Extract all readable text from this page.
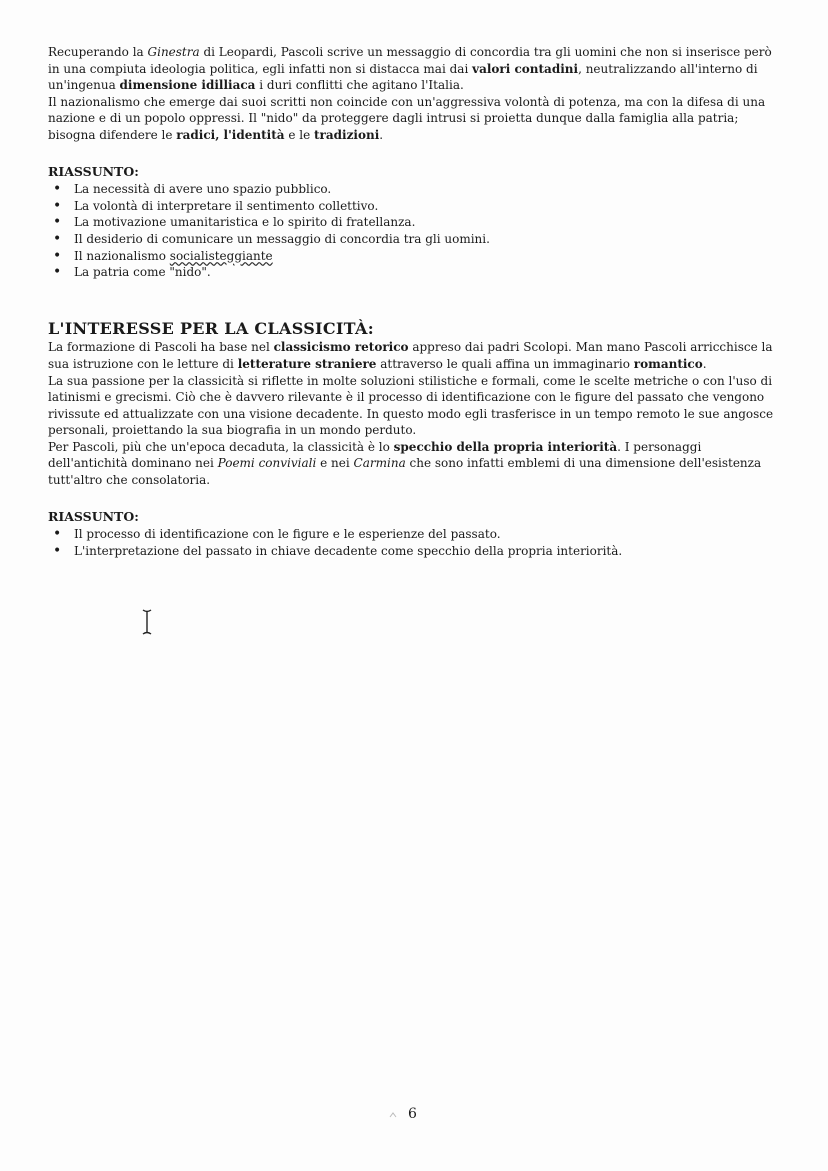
Recuperando la Ginestra di Leopardi, Pascoli scrive un messaggio di concordia tra gli uomini che non si inserisce però in una compiuta ideologia politica, egli infatti non si distacca mai dai valori contadini, neutralizzando all'interno di un'ingenua dimensione idilliaca i duri conflitti che agitano l'Italia.

Il nazionalismo che emerge dai suoi scritti non coincide con un'aggressiva volontà di potenza, ma con la difesa di una nazione e di un popolo oppressi. Il "nido" da proteggere dagli intrusi si proietta dunque dalla famiglia alla patria; bisogna difendere le radici, l'identità e le tradizioni.

RIASSUNTO:
• La necessità di avere uno spazio pubblico.
• La volontà di interpretare il sentimento collettivo.
• La motivazione umanitaristica e lo spirito di fratellanza.
• Il desiderio di comunicare un messaggio di concordia tra gli uomini.
• Il nazionalismo socialisteggiante
• La patria come "nido".
L'INTERESSE PER LA CLASSICITÀ:

La formazione di Pascoli ha base nel classicismo retorico appreso dai padri Scolopi. Man mano Pascoli arricchisce la sua istruzione con le letture di letterature straniere attraverso le quali affina un immaginario romantico.

La sua passione per la classicità si riflette in molte soluzioni stilistiche e formali, come le scelte metriche o con l'uso di latinismi e grecismi. Ciò che è davvero rilevante è il processo di identificazione con le figure del passato che vengono rivissute ed attualizzate con una visione decadente. In questo modo egli trasferisce in un tempo remoto le sue angosce personali, proiettando la sua biografia in un mondo perduto.

Per Pascoli, più che un'epoca decaduta, la classicità è lo specchio della propria interiorità. I personaggi dell'antichità dominano nei Poemi conviviali e nei Carmina che sono infatti emblemi di una dimensione dell'esistenza tutt'altro che consolatoria.

RIASSUNTO:
• Il processo di identificazione con le figure e le esperienze del passato.
• L'interpretazione del passato in chiave decadente come specchio della propria interiorità.
6
